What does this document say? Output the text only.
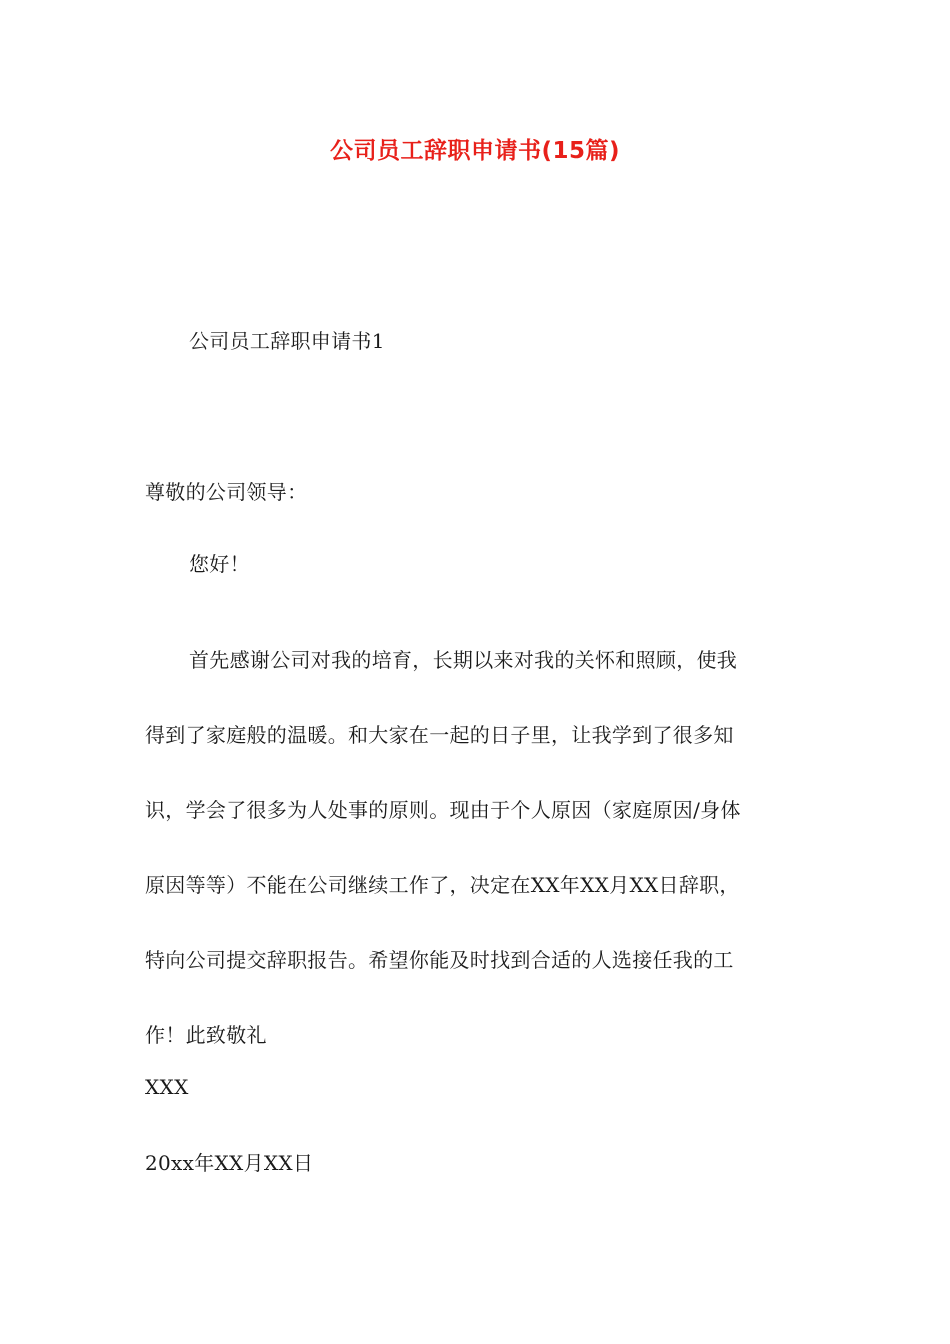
公司员工辞职申请书(15篇)
公司员工辞职申请书1
尊敬的公司领导：
您好！
首先感谢公司对我的培育，长期以来对我的关怀和照顾，使我
得到了家庭般的温暖。和大家在一起的日子里，让我学到了很多知
识，学会了很多为人处事的原则。现由于个人原因（家庭原因/身体
原因等等）不能在公司继续工作了，决定在XX年XX月XX日辞职，
特向公司提交辞职报告。希望你能及时找到合适的人选接任我的工
作！此致敬礼
XXX
20xx年XX月XX日
